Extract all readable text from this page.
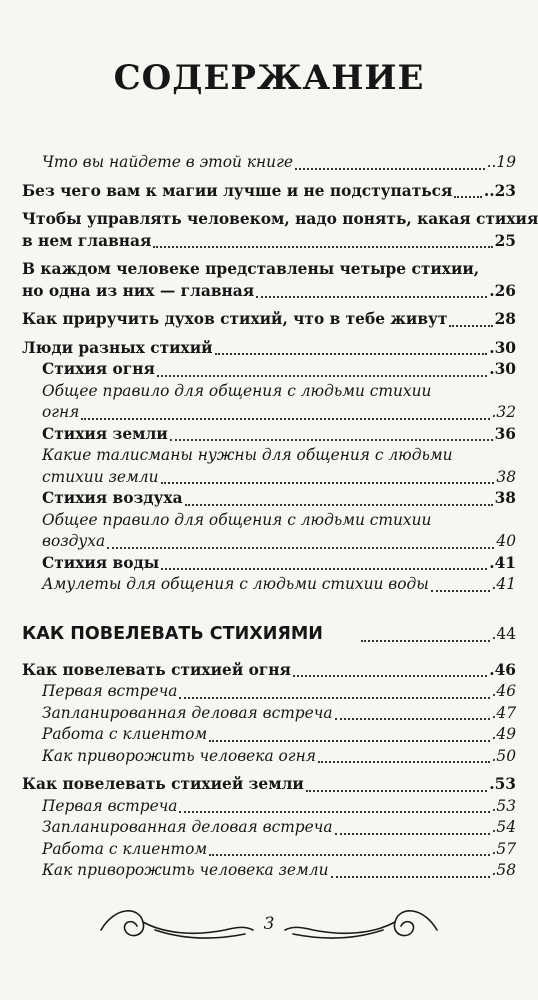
СОДЕРЖАНИЕ
Что вы найдете в этой книге	..19
Без чего вам к магии лучше и не подступаться ..23
Чтобы управлять человеком, надо понять, какая стихия
в нем главная	25
В каждом человеке представлены четыре стихии,
но одна из них — главная	.26
Как приручить духов стихий, что в тебе живут	28
Люди разных стихий	.30
Стихия огня	.30
Общее правило для общения с людьми стихии
огня	.32
Стихия земли	36
Какие талисманы нужны для общения с людьми
стихии земли	38
Стихия воздуха	38
Общее правило для общения с людьми стихии
воздуха	40
Стихия воды	.41
Амулеты для общения с людьми стихии воды	.41
КАК ПОВЕЛЕВАТЬ СТИХИЯМИ	.44
Как повелевать стихией огня	.46
Первая встреча	.46
Запланированная деловая встреча	.47
Работа с клиентом	.49
Как приворожить человека огня	.50
Как повелевать стихией земли	.53
Первая встреча	.53
Запланированная деловая встреча	.54
Работа с клиентом	.57
Как приворожить человека земли	.58
3
